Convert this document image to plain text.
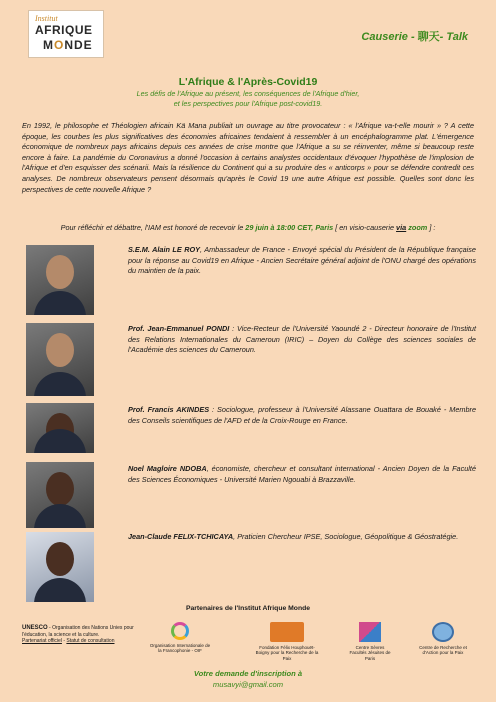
Institut
AFRIQUE
MONDE
Causerie - 聊天- Talk
L'Afrique & l'Après-Covid19
Les défis de l'Afrique au présent, les conséquences de l'Afrique d'hier,
et les perspectives pour l'Afrique post-covid19.

En 1992, le philosophe et Théologien africain Kä Mana publiait un ouvrage au titre provocateur : « l'Afrique va-t-elle mourir » ? A cette époque, les courbes les plus significatives des économies africaines tendaient à ressembler à un encéphalogramme plat. L'émergence économique de nombreux pays africains depuis ces années de crise montre que l'Afrique a su se réinventer, même si beaucoup reste encore à faire. La pandémie du Coronavirus a donné l'occasion à certains analystes occidentaux d'évoquer l'hypothèse de l'implosion de l'Afrique et d'en esquisser des scénarii. Mais la résilience du Continent qui a su produire des « anticorps » pour se défendre contredit ces analyses. De nombreux observateurs pensent désormais qu'après le Covid 19 une autre Afrique est possible. Quelles sont donc les perspectives de cette nouvelle Afrique ?

Pour réfléchir et débattre, l'IAM est honoré de recevoir le 29 juin à 18:00 CET, Paris [ en visio-causerie via zoom ] :

S.E.M. Alain LE ROY, Ambassadeur de France - Envoyé spécial du Président de la République française pour la réponse au Covid19 en Afrique - Ancien Secrétaire général adjoint de l'ONU chargé des opérations du maintien de la paix.

Prof. Jean-Emmanuel PONDI : Vice-Recteur de l'Université Yaoundé 2 - Directeur honoraire de l'Institut des Relations Internationales du Cameroun (IRIC) – Doyen du Collège des sciences sociales de l'Académie des sciences du Cameroun.

Prof. Francis AKINDES : Sociologue, professeur à l'Université Alassane Ouattara de Bouaké - Membre des Conseils scientifiques de l'AFD et de la Croix-Rouge en France.

Noel Magloire NDOBA, économiste, chercheur et consultant international - Ancien Doyen de la Faculté des Sciences Économiques - Université Marien Ngouabi à Brazzaville.

Jean-Claude FELIX-TCHICAYA, Praticien Chercheur IPSE, Sociologue, Géopolitique & Géostratégie.

Partenaires de l'Institut Afrique Monde
UNESCO - Organisation des Nations Unies pour l'éducation, la science et la culture.
Partenariat officiel - Statut de consultation
Organisation Internationale de la Francophonie - OIF
Fondation Félix Houphouët-Boigny pour la Recherche de la Paix
Centre Sèvres Facultés Jésuites de Paris
Centre de Recherche et d'Action pour la Paix
Votre demande d'inscription à
musavyi@gmail.com
